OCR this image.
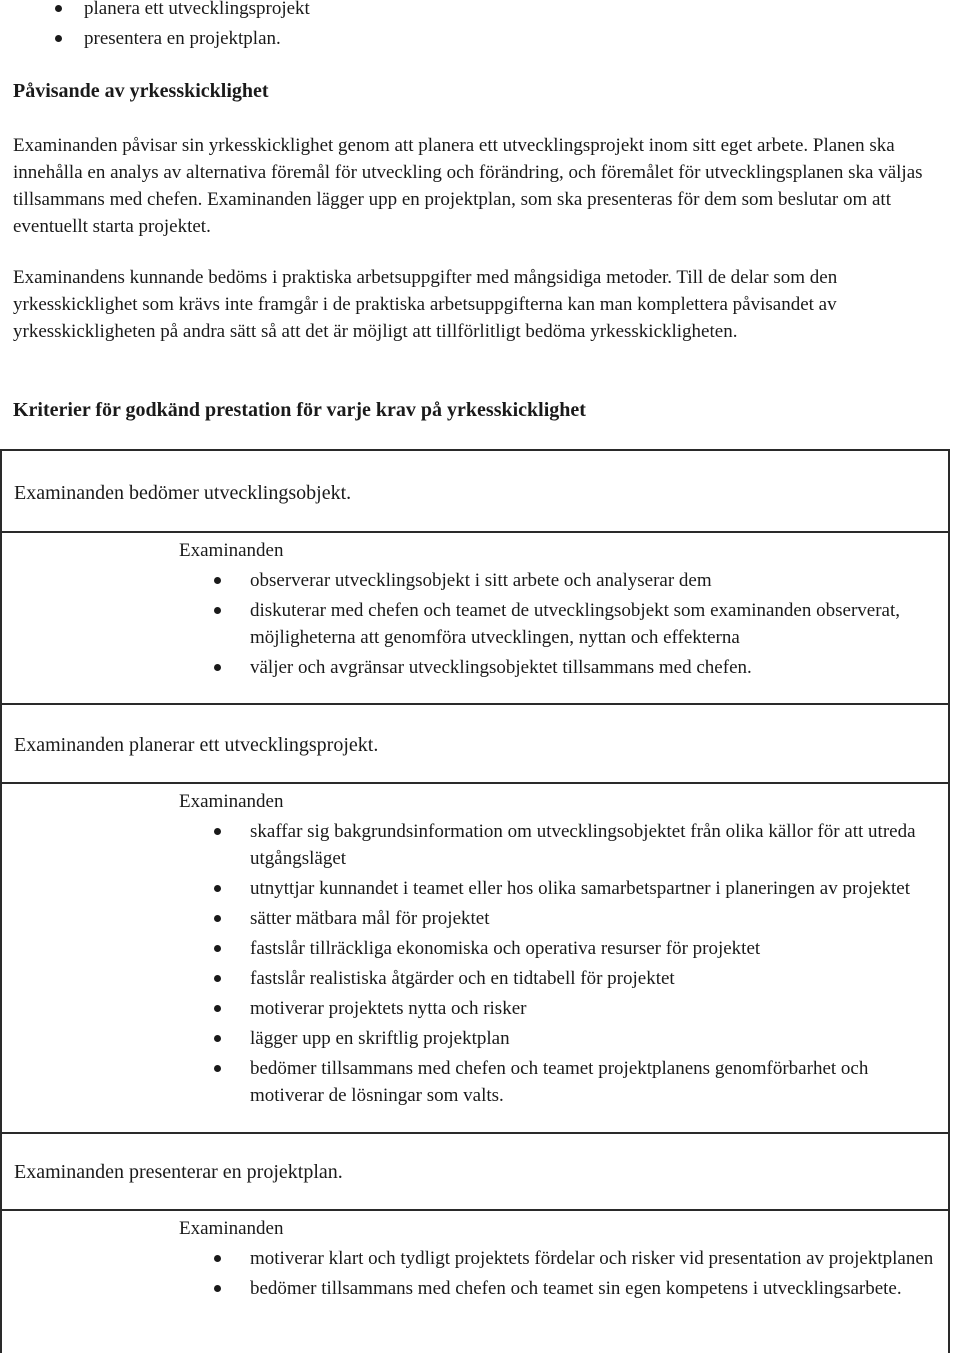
planera ett utvecklingsprojekt
presentera en projektplan.
Påvisande av yrkesskicklighet

Examinanden påvisar sin yrkesskicklighet genom att planera ett utvecklingsprojekt inom sitt eget arbete. Planen ska innehålla en analys av alternativa föremål för utveckling och förändring, och föremålet för utvecklingsplanen ska väljas tillsammans med chefen. Examinanden lägger upp en projektplan, som ska presenteras för dem som beslutar om att eventuellt starta projektet.

Examinandens kunnande bedöms i praktiska arbetsuppgifter med mångsidiga metoder. Till de delar som den yrkesskicklighet som krävs inte framgår i de praktiska arbetsuppgifterna kan man komplettera påvisandet av yrkesskickligheten på andra sätt så att det är möjligt att tillförlitligt bedöma yrkesskickligheten.

Kriterier för godkänd prestation för varje krav på yrkesskicklighet
Examinanden bedömer utvecklingsobjekt.
Examinanden
observerar utvecklingsobjekt i sitt arbete och analyserar dem
diskuterar med chefen och teamet de utvecklingsobjekt som examinanden observerat, möjligheterna att genomföra utvecklingen, nyttan och effekterna
väljer och avgränsar utvecklingsobjektet tillsammans med chefen.
Examinanden planerar ett utvecklingsprojekt.
Examinanden
skaffar sig bakgrundsinformation om utvecklingsobjektet från olika källor för att utreda utgångsläget
utnyttjar kunnandet i teamet eller hos olika samarbetspartner i planeringen av projektet
sätter mätbara mål för projektet
fastslår tillräckliga ekonomiska och operativa resurser för projektet
fastslår realistiska åtgärder och en tidtabell för projektet
motiverar projektets nytta och risker
lägger upp en skriftlig projektplan
bedömer tillsammans med chefen och teamet projektplanens genomförbarhet och motiverar de lösningar som valts.
Examinanden presenterar en projektplan.
Examinanden
motiverar klart och tydligt projektets fördelar och risker vid presentation av projektplanen
bedömer tillsammans med chefen och teamet sin egen kompetens i utvecklingsarbete.
